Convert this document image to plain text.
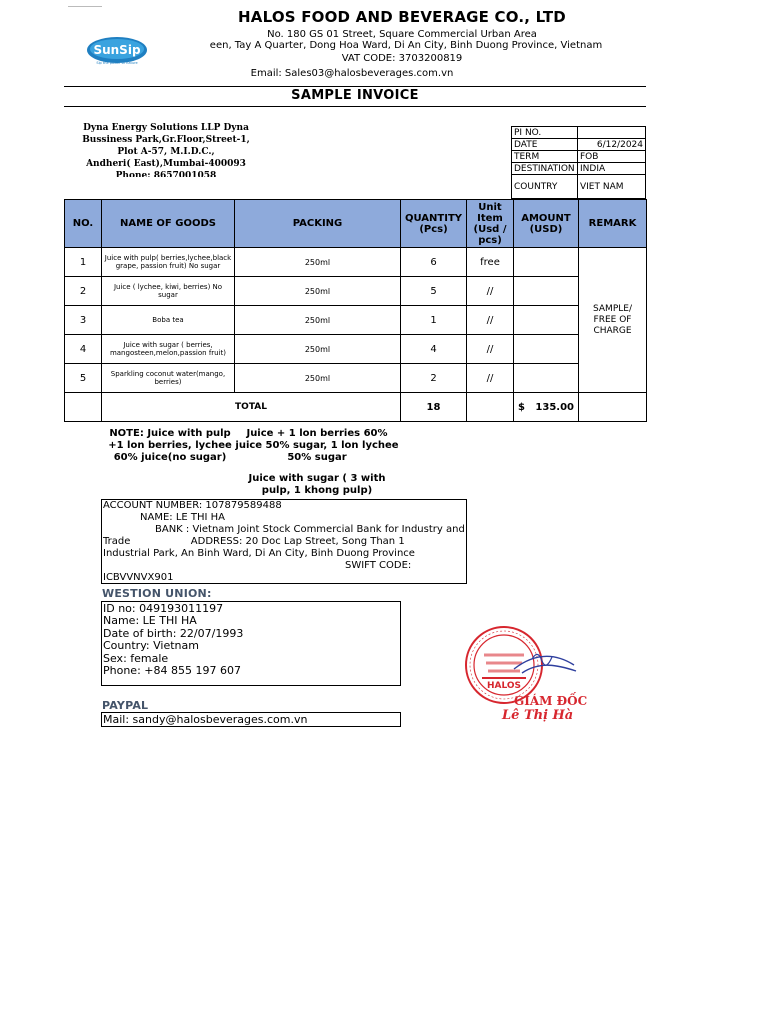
SunSip
Sip the power of nature
HALOS FOOD AND BEVERAGE CO., LTD
No. 180 GS 01 Street, Square Commercial Urban Area
een, Tay A Quarter, Dong Hoa Ward, Di An City, Binh Duong Province, Vietnam
VAT CODE: 3703200819
Email: Sales03@halosbeverages.com.vn
SAMPLE INVOICE
Dyna Energy Solutions LLP Dyna
Bussiness Park,Gr.Floor,Street-1,
Plot A-57, M.I.D.C.,
Andheri( East),Mumbai-400093
Phone: 8657001058
PI NO.	
DATE	6/12/2024
TERM	FOB
DESTINATION	INDIA
COUNTRY	VIET NAM
NO.	NAME OF GOODS	PACKING	QUANTITY (Pcs)	Unit Item (Usd / pcs)	AMOUNT (USD)	REMARK
1	Juice with pulp( berries,lychee,black grape, passion fruit) No sugar	250ml	6	free		SAMPLE/ FREE OF CHARGE
2	Juice ( lychee, kiwi, berries) No sugar	250ml	5	//		
3	Boba tea	250ml	1	//		
4	Juice with sugar ( berries, mangosteen,melon,passion fruit)	250ml	4	//		
5	Sparkling coconut water(mango, berries)	250ml	2	//		
	TOTAL		18		$ 135.00	

NOTE: Juice with pulp +1 lon berries, lychee 60% juice(no sugar)
Juice + 1 lon berries 60% juice 50% sugar, 1 lon lychee 50% sugar
Juice with sugar ( 3 with pulp, 1 khong pulp)
ACCOUNT NUMBER: 107879589488
NAME: LE THI HA
BANK : Vietnam Joint Stock Commercial Bank for Industry and
Trade                   ADDRESS: 20 Doc Lap Street, Song Than 1
Industrial Park, An Binh Ward, Di An City, Binh Duong Province
SWIFT CODE:
ICBVVNVX901
WESTION UNION:
ID no: 049193011197
Name: LE THI HA
Date of birth: 22/07/1993
Country: Vietnam
Sex: female
Phone: +84 855 197 607
PAYPAL
Mail: sandy@halosbeverages.com.vn
HALOS
GIÁM ĐỐC
Lê Thị Hà
